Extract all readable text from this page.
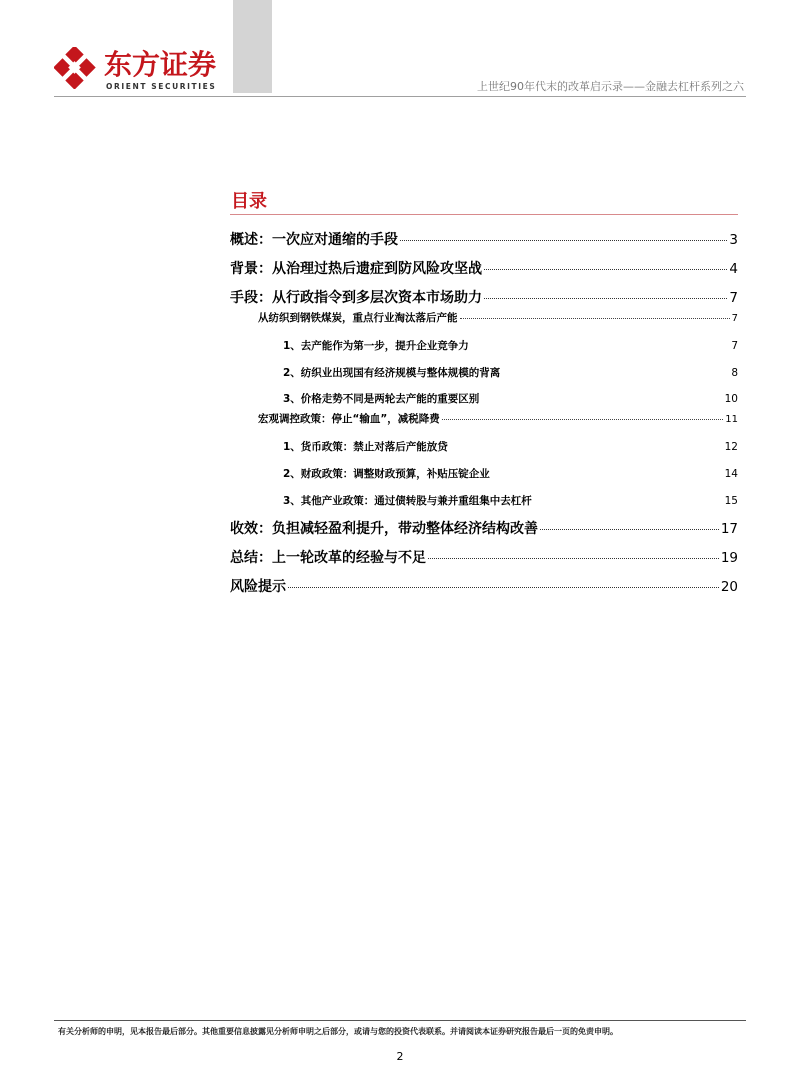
东方证券
ORIENT SECURITIES	上世纪90年代末的改革启示录——金融去杠杆系列之六
目录
概述：一次应对通缩的手段	3
背景：从治理过热后遗症到防风险攻坚战	4
手段：从行政指令到多层次资本市场助力	7
从纺织到钢铁煤炭，重点行业淘汰落后产能	7
1、去产能作为第一步，提升企业竞争力	7
2、纺织业出现国有经济规模与整体规模的背离	8
3、价格走势不同是两轮去产能的重要区别	10
宏观调控政策：停止“输血”，减税降费	11
1、货币政策：禁止对落后产能放贷	12
2、财政政策：调整财政预算，补贴压锭企业	14
3、其他产业政策：通过债转股与兼并重组集中去杠杆	15
收效：负担减轻盈利提升，带动整体经济结构改善	17
总结：上一轮改革的经验与不足	19
风险提示	20
有关分析师的申明，见本报告最后部分。其他重要信息披露见分析师申明之后部分，或请与您的投资代表联系。并请阅读本证券研究报告最后一页的免责申明。
2
